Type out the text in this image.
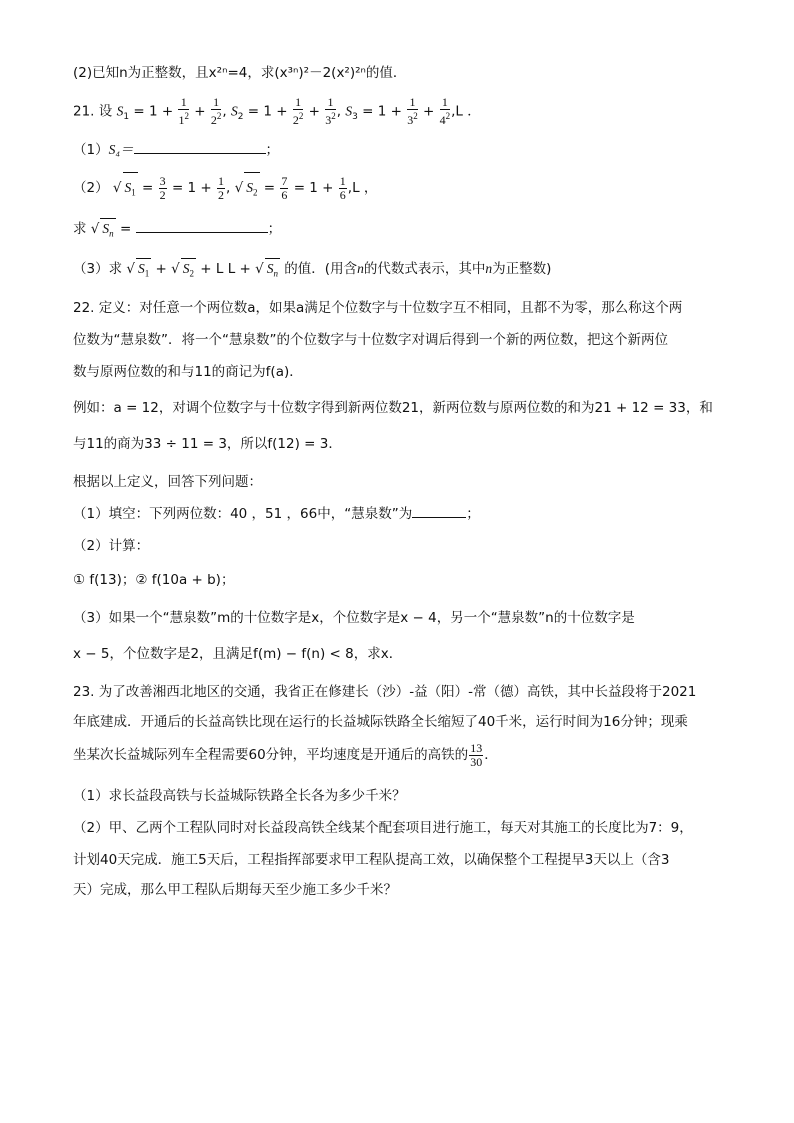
(2)已知n为正整数，且x²ⁿ=4，求(x³ⁿ)²－2(x²)²ⁿ的值．
21. 设 $S_1 = 1 + \frac{1}{1^2} + \frac{1}{2^2}$ , $S_2 = 1 + \frac{1}{2^2} + \frac{1}{3^2}$ , $S_3 = 1 + \frac{1}{3^2} + \frac{1}{4^2} ,L$ ．
（1）S₄＝	；
（2） √ $S_1 = \frac{3}{2} = 1 + \frac{1}{2}$ , √ $S_2 = \frac{7}{6} = 1 + \frac{1}{6} ,L$ ，
求 √ $S_n$ =	；
（3）求 √ $S_1$ + √ $S_2 + L$ L + √ $S_n$ 的值．(用含n的代数式表示，其中n为正整数)
22. 定义：对任意一个两位数a，如果a满足个位数字与十位数字互不相同，且都不为零，那么称这个两
位数为“慧泉数”．将一个“慧泉数”的个位数字与十位数字对调后得到一个新的两位数，把这个新两位
数与原两位数的和与11的商记为f(a)．
例如：a = 12，对调个位数字与十位数字得到新两位数21，新两位数与原两位数的和为21 + 12 = 33，和
与11的商为33 ÷ 11 = 3，所以f(12) = 3．
根据以上定义，回答下列问题：
（1）填空：下列两位数：40 ，51 ，66中，“慧泉数”为	；
（2）计算：
① f(13)；② f(10a + b)；
（3）如果一个“慧泉数”m的十位数字是x，个位数字是x − 4，另一个“慧泉数”n的十位数字是
x − 5，个位数字是2，且满足f(m) − f(n) < 8，求x．
23. 为了改善湘西北地区的交通，我省正在修建长（沙）-益（阳）-常（德）高铁，其中长益段将于2021
年底建成．开通后的长益高铁比现在运行的长益城际铁路全长缩短了40千米，运行时间为16分钟；现乘
坐某次长益城际列车全程需要60分钟，平均速度是开通后的高铁的 $\frac{13}{30}$ ．
（1）求长益段高铁与长益城际铁路全长各为多少千米？
（2）甲、乙两个工程队同时对长益段高铁全线某个配套项目进行施工，每天对其施工的长度比为7：9，
计划40天完成．施工5天后，工程指挥部要求甲工程队提高工效，以确保整个工程提早3天以上（含3
天）完成，那么甲工程队后期每天至少施工多少千米？
